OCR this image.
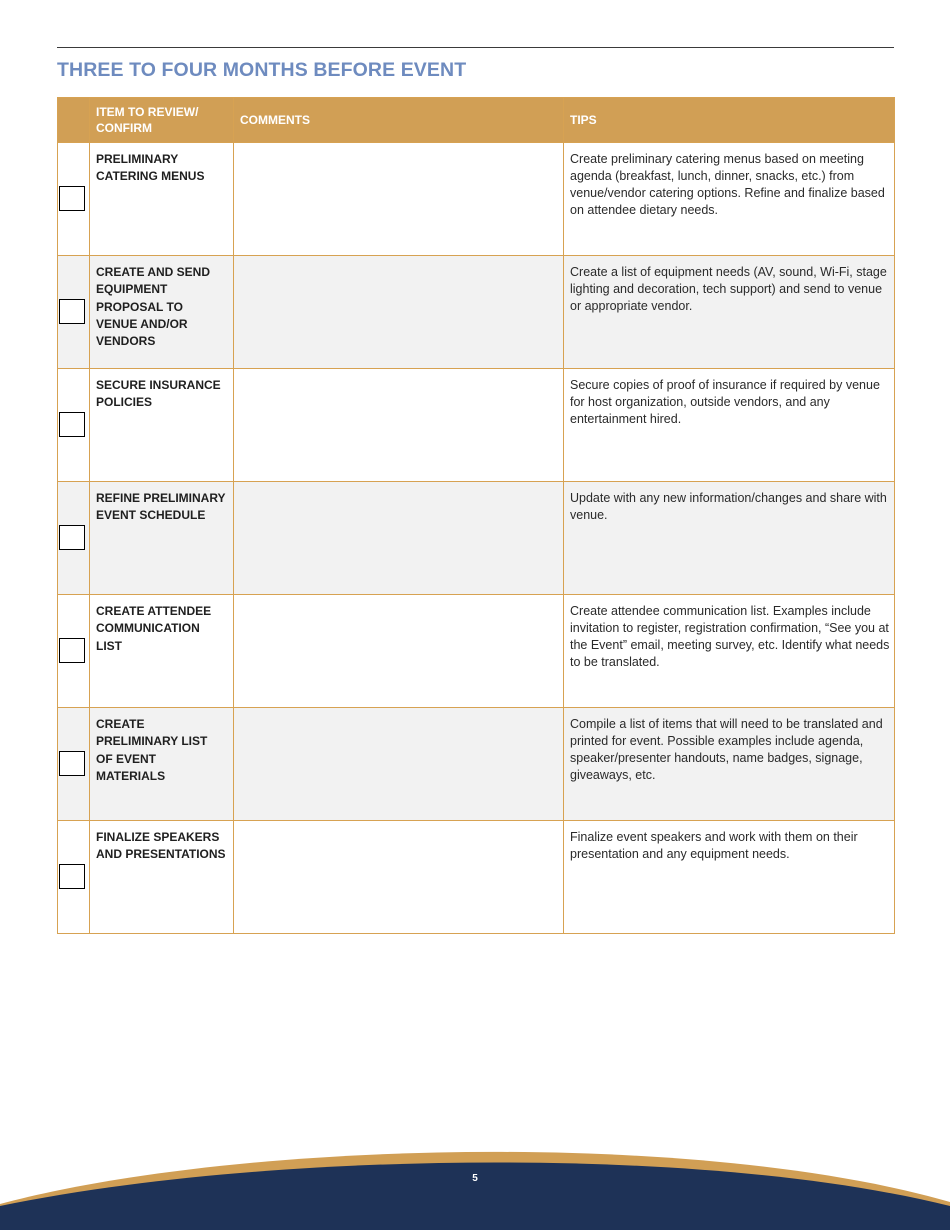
THREE TO FOUR MONTHS BEFORE EVENT
	ITEM TO REVIEW/ CONFIRM	COMMENTS	TIPS

	PRELIMINARY CATERING MENUS		Create preliminary catering menus based on meeting agenda (breakfast, lunch, dinner, snacks, etc.) from venue/vendor catering options. Refine and finalize based on attendee dietary needs.

	CREATE AND SEND EQUIPMENT PROPOSAL TO VENUE AND/OR VENDORS		Create a list of equipment needs (AV, sound, Wi-Fi, stage lighting and decoration, tech support) and send to venue or appropriate vendor.

	SECURE INSURANCE POLICIES		Secure copies of proof of insurance if required by venue for host organization, outside vendors, and any entertainment hired.

	REFINE PRELIMINARY EVENT SCHEDULE		Update with any new information/changes and share with venue.

	CREATE ATTENDEE COMMUNICATION LIST		Create attendee communication list. Examples include invitation to register, registration confirmation, “See you at the Event” email, meeting survey, etc. Identify what needs to be translated.

	CREATE PRELIMINARY LIST OF EVENT MATERIALS		Compile a list of items that will need to be translated and printed for event. Possible examples include agenda, speaker/presenter handouts, name badges, signage, giveaways, etc.

	FINALIZE SPEAKERS AND PRESENTATIONS		Finalize event speakers and work with them on their presentation and any equipment needs.
5
